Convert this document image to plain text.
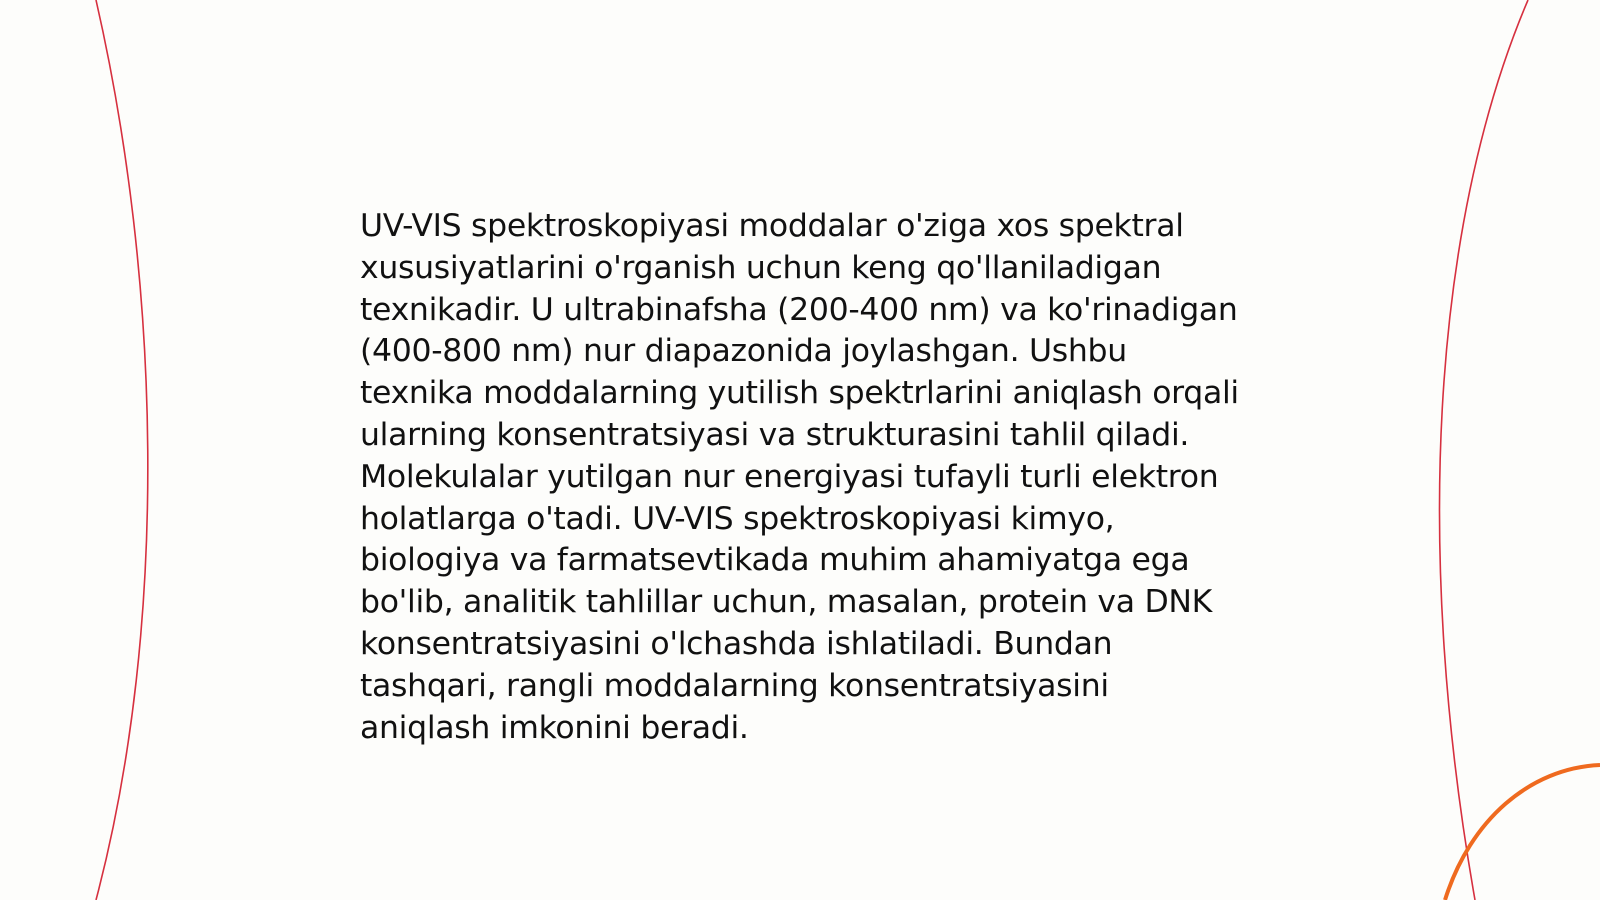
UV-VIS spektroskopiyasi moddalar o'ziga xos spektral xususiyatlarini o'rganish uchun keng qo'llaniladigan texnikadir. U ultrabinafsha (200-400 nm) va ko'rinadigan (400-800 nm) nur diapazonida joylashgan. Ushbu texnika moddalarning yutilish spektrlarini aniqlash orqali ularning konsentratsiyasi va strukturasini tahlil qiladi. Molekulalar yutilgan nur energiyasi tufayli turli elektron holatlarga o'tadi. UV-VIS spektroskopiyasi kimyo, biologiya va farmatsevtikada muhim ahamiyatga ega bo'lib, analitik tahlillar uchun, masalan, protein va DNK konsentratsiyasini o'lchashda ishlatiladi. Bundan tashqari, rangli moddalarning konsentratsiyasini aniqlash imkonini beradi.
